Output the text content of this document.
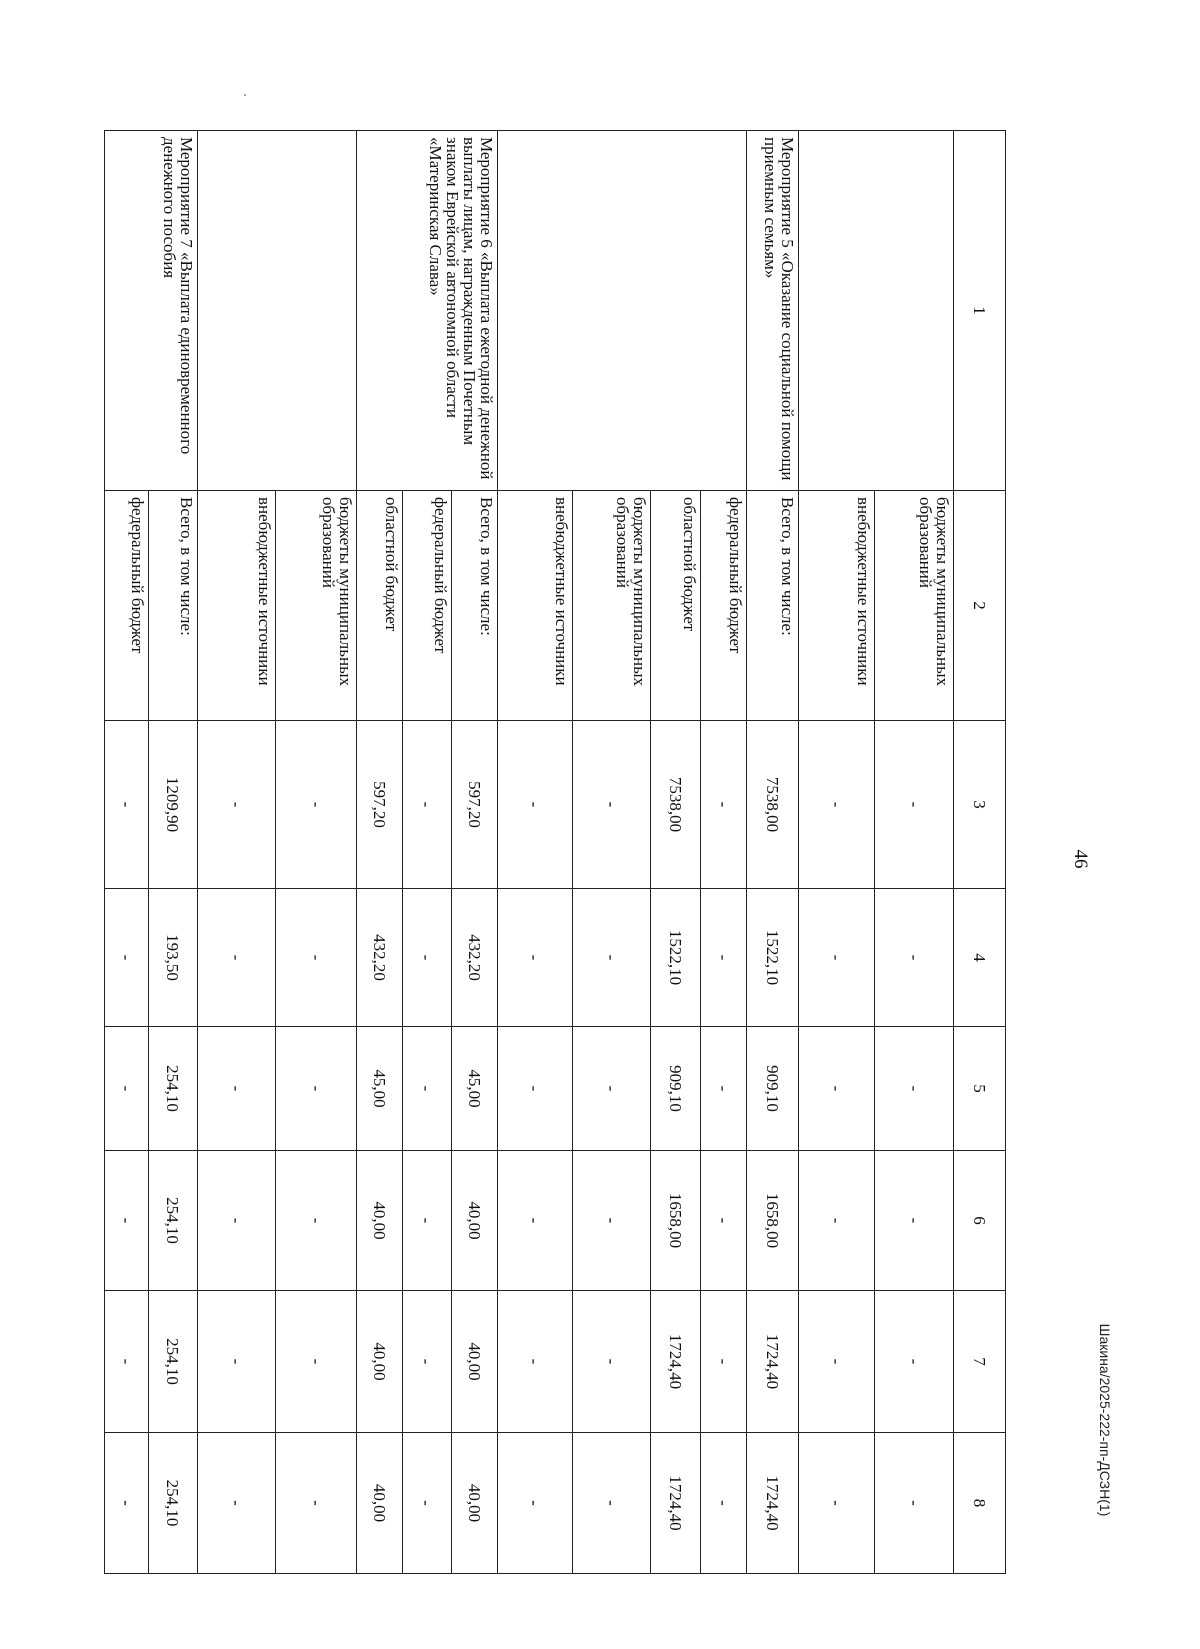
46
1	2	3	4	5	6	7	8
	бюджеты муниципальных образований	-	-	-	-	-	-
	внебюджетные источники	-	-	-	-	-	-
Мероприятие 5 «Оказание социальной помощи приемным семьям»	Всего, в том числе:	7538,00	1522,10	909,10	1658,00	1724,40	1724,40
	федеральный бюджет	-	-	-	-	-	-
	областной бюджет	7538,00	1522,10	909,10	1658,00	1724,40	1724,40
	бюджеты муниципальных образований	-	-	-	-	-	-
	внебюджетные источники	-	-	-	-	-	-
Мероприятие 6 «Выплата ежегодной денежной выплаты лицам, награжденным Почетным знаком Еврейской автономной области «Материнская Слава»	Всего, в том числе:	597,20	432,20	45,00	40,00	40,00	40,00
	федеральный бюджет	-	-	-	-	-	-
	областной бюджет	597,20	432,20	45,00	40,00	40,00	40,00
	бюджеты муниципальных образований	-	-	-	-	-	-
	внебюджетные источники	-	-	-	-	-	-
Мероприятие 7 «Выплата единовременного денежного пособия	Всего, в том числе:	1209,90	193,50	254,10	254,10	254,10	254,10
	федеральный бюджет	-	-	-	-	-	-	Шакина/2025-222-пп-ДСЗН(1)
